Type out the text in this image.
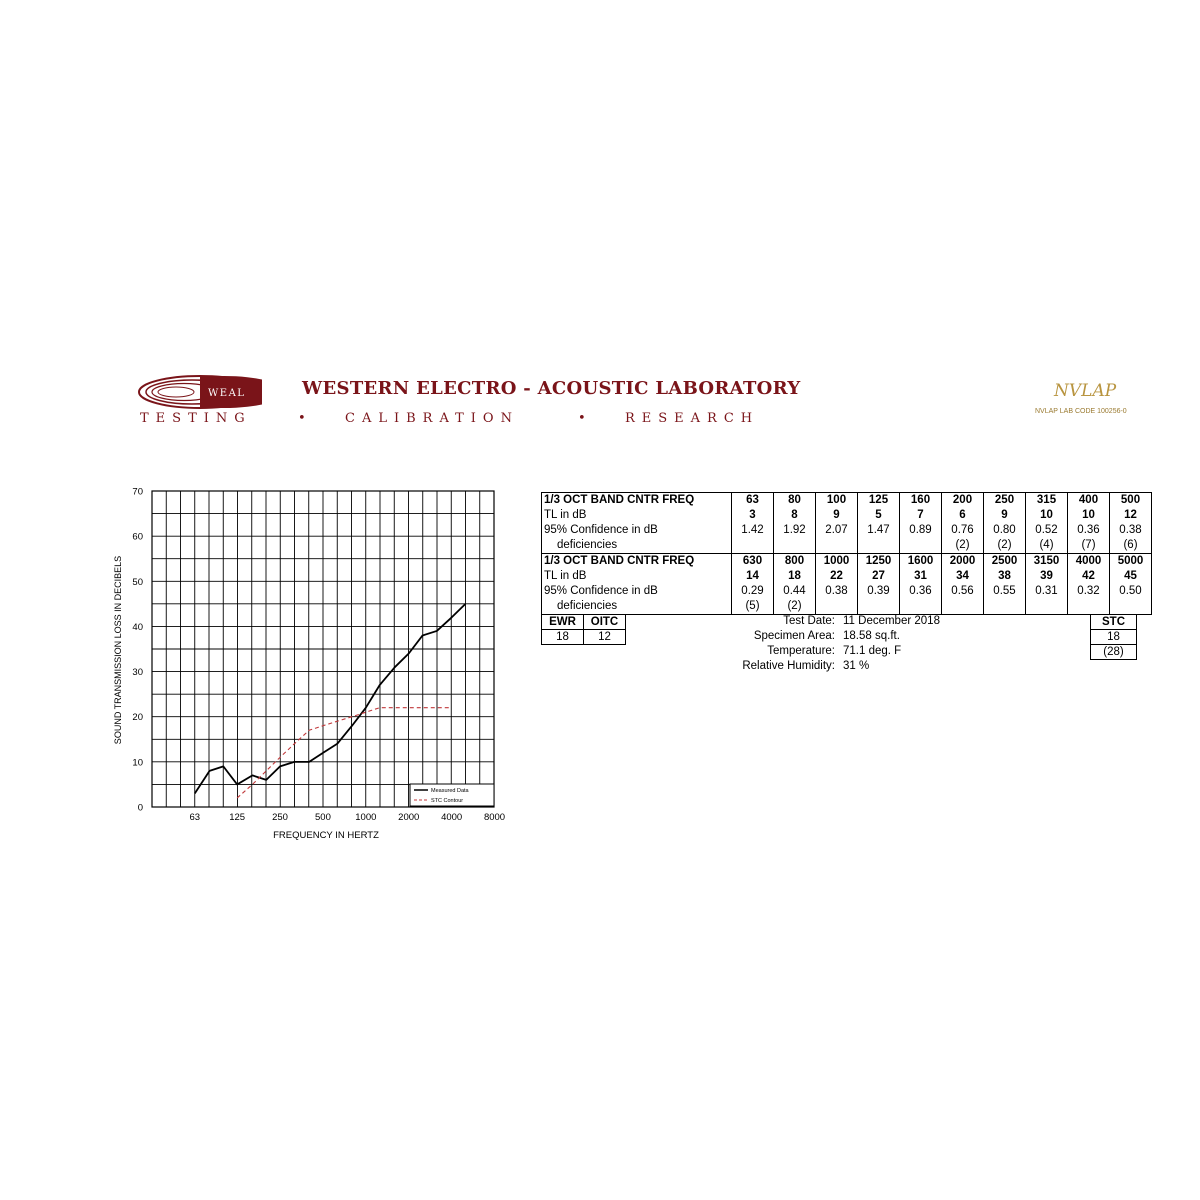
WEAL	WESTERN ELECTRO - ACOUSTIC LABORATORY
TESTING	•	CALIBRATION	•	RESEARCH
NVLAP
NVLAP LAB CODE 100256-0
0
10
20
30
40
50
60
70
63	125	250	500	1000 2000 4000 8000
Measured Data
STC Contour
FREQUENCY IN HERTZ
SOUND TRANSMISSION LOSS IN DECIBELS
1/3 OCT BAND CNTR FREQ	63	80	100	125	160	200	250	315	400	500
TL in dB	3	8	9	5	7	6	9	10	10	12
95% Confidence in dB	1.42	1.92	2.07	1.47	0.89	0.76	0.80	0.52	0.36	0.38
deficiencies						(2)	(2)	(4)	(7)	(6)
1/3 OCT BAND CNTR FREQ	630	800	1000	1250	1600	2000	2500	3150	4000	5000
TL in dB	14	18	22	27	31	34	38	39	42	45
95% Confidence in dB	0.29	0.44	0.38	0.39	0.36	0.56	0.55	0.31	0.32	0.50
deficiencies	(5)	(2)								
EWR	OITC
18	12
STC
18
(28)
Test Date: 11 December 2018
Specimen Area: 18.58 sq.ft.
Temperature: 71.1 deg. F
Relative Humidity: 31 %
